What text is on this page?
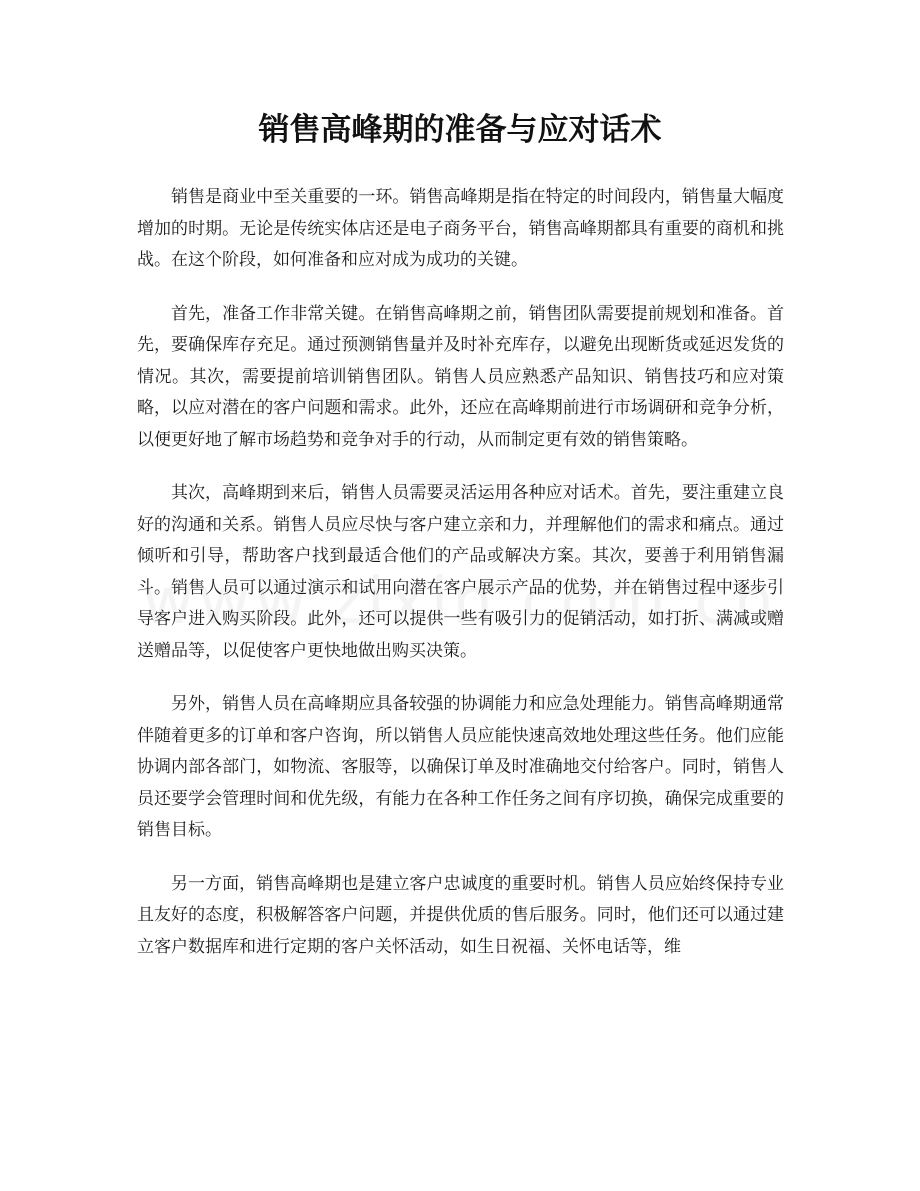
销售高峰期的准备与应对话术

销售是商业中至关重要的一环。销售高峰期是指在特定的时间段内，销售量大幅度增加的时期。无论是传统实体店还是电子商务平台，销售高峰期都具有重要的商机和挑战。在这个阶段，如何准备和应对成为成功的关键。

首先，准备工作非常关键。在销售高峰期之前，销售团队需要提前规划和准备。首先，要确保库存充足。通过预测销售量并及时补充库存，以避免出现断货或延迟发货的情况。其次，需要提前培训销售团队。销售人员应熟悉产品知识、销售技巧和应对策略，以应对潜在的客户问题和需求。此外，还应在高峰期前进行市场调研和竞争分析，以便更好地了解市场趋势和竞争对手的行动，从而制定更有效的销售策略。

其次，高峰期到来后，销售人员需要灵活运用各种应对话术。首先，要注重建立良好的沟通和关系。销售人员应尽快与客户建立亲和力，并理解他们的需求和痛点。通过倾听和引导，帮助客户找到最适合他们的产品或解决方案。其次，要善于利用销售漏斗。销售人员可以通过演示和试用向潜在客户展示产品的优势，并在销售过程中逐步引导客户进入购买阶段。此外，还可以提供一些有吸引力的促销活动，如打折、满减或赠送赠品等，以促使客户更快地做出购买决策。

另外，销售人员在高峰期应具备较强的协调能力和应急处理能力。销售高峰期通常伴随着更多的订单和客户咨询，所以销售人员应能快速高效地处理这些任务。他们应能协调内部各部门，如物流、客服等，以确保订单及时准确地交付给客户。同时，销售人员还要学会管理时间和优先级，有能力在各种工作任务之间有序切换，确保完成重要的销售目标。

另一方面，销售高峰期也是建立客户忠诚度的重要时机。销售人员应始终保持专业且友好的态度，积极解答客户问题，并提供优质的售后服务。同时，他们还可以通过建立客户数据库和进行定期的客户关怀活动，如生日祝福、关怀电话等，维
